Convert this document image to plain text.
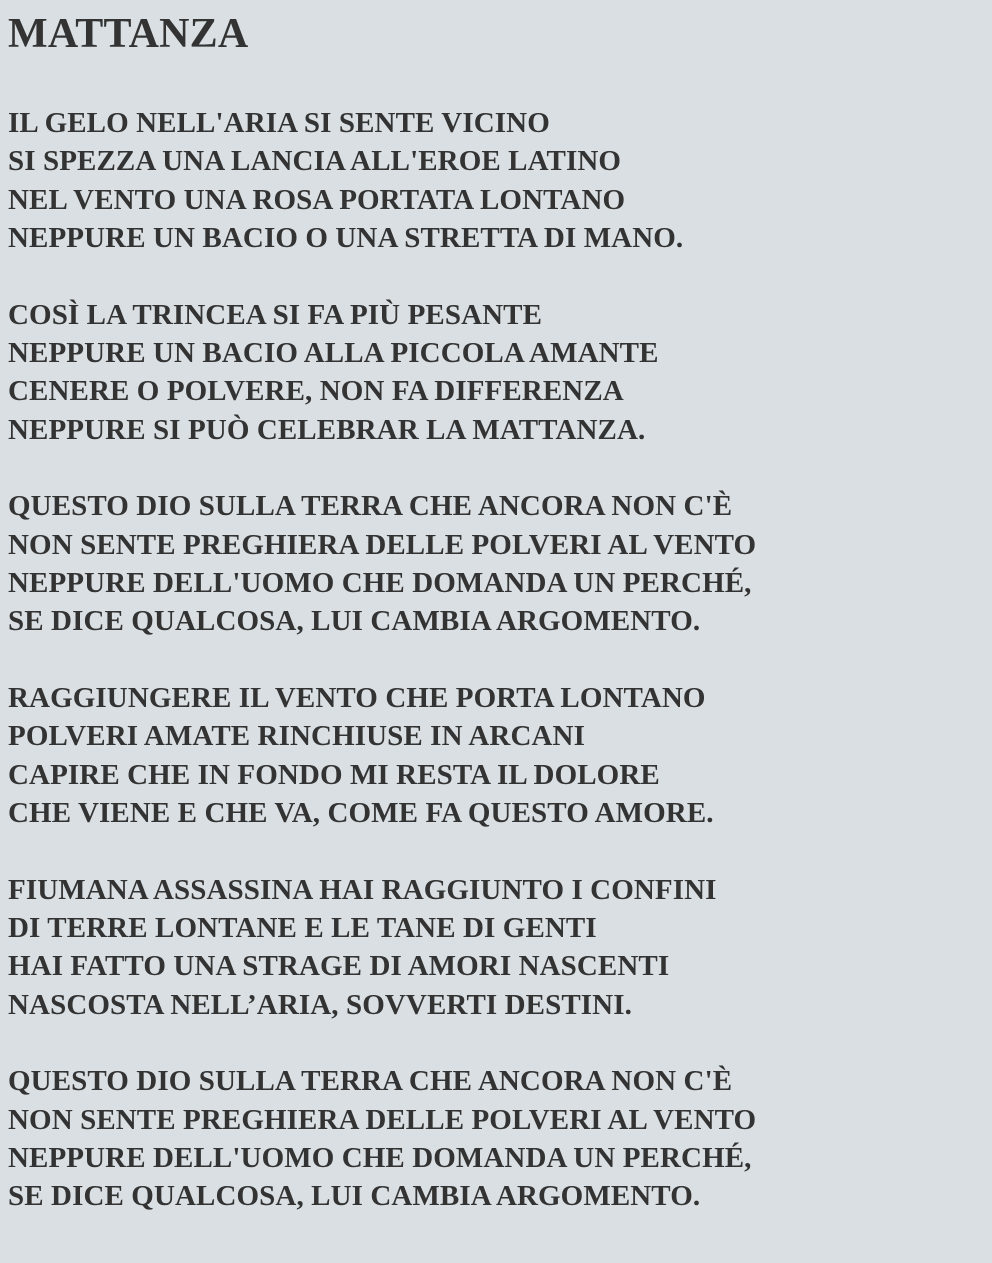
MATTANZA
IL GELO NELL'ARIA SI SENTE VICINO
SI SPEZZA UNA LANCIA ALL'EROE LATINO
NEL VENTO UNA ROSA PORTATA LONTANO
NEPPURE UN BACIO O UNA STRETTA DI MANO.
COSÌ LA TRINCEA SI FA PIÙ PESANTE
NEPPURE UN BACIO ALLA PICCOLA AMANTE
CENERE O POLVERE, NON FA DIFFERENZA
NEPPURE SI PUÒ CELEBRAR LA MATTANZA.
QUESTO DIO SULLA TERRA CHE ANCORA NON C'È
NON SENTE PREGHIERA DELLE POLVERI AL VENTO
NEPPURE DELL'UOMO CHE DOMANDA UN PERCHÉ,
SE DICE QUALCOSA, LUI CAMBIA ARGOMENTO.
RAGGIUNGERE IL VENTO CHE PORTA LONTANO
POLVERI AMATE RINCHIUSE IN ARCANI
CAPIRE CHE IN FONDO MI RESTA IL DOLORE
CHE VIENE E CHE VA, COME FA QUESTO AMORE.
FIUMANA ASSASSINA HAI RAGGIUNTO I CONFINI
DI TERRE LONTANE E LE TANE DI GENTI
HAI FATTO UNA STRAGE DI AMORI NASCENTI
NASCOSTA NELL’ARIA, SOVVERTI DESTINI.
QUESTO DIO SULLA TERRA CHE ANCORA NON C'È
NON SENTE PREGHIERA DELLE POLVERI AL VENTO
NEPPURE DELL'UOMO CHE DOMANDA UN PERCHÉ,
SE DICE QUALCOSA, LUI CAMBIA ARGOMENTO.
